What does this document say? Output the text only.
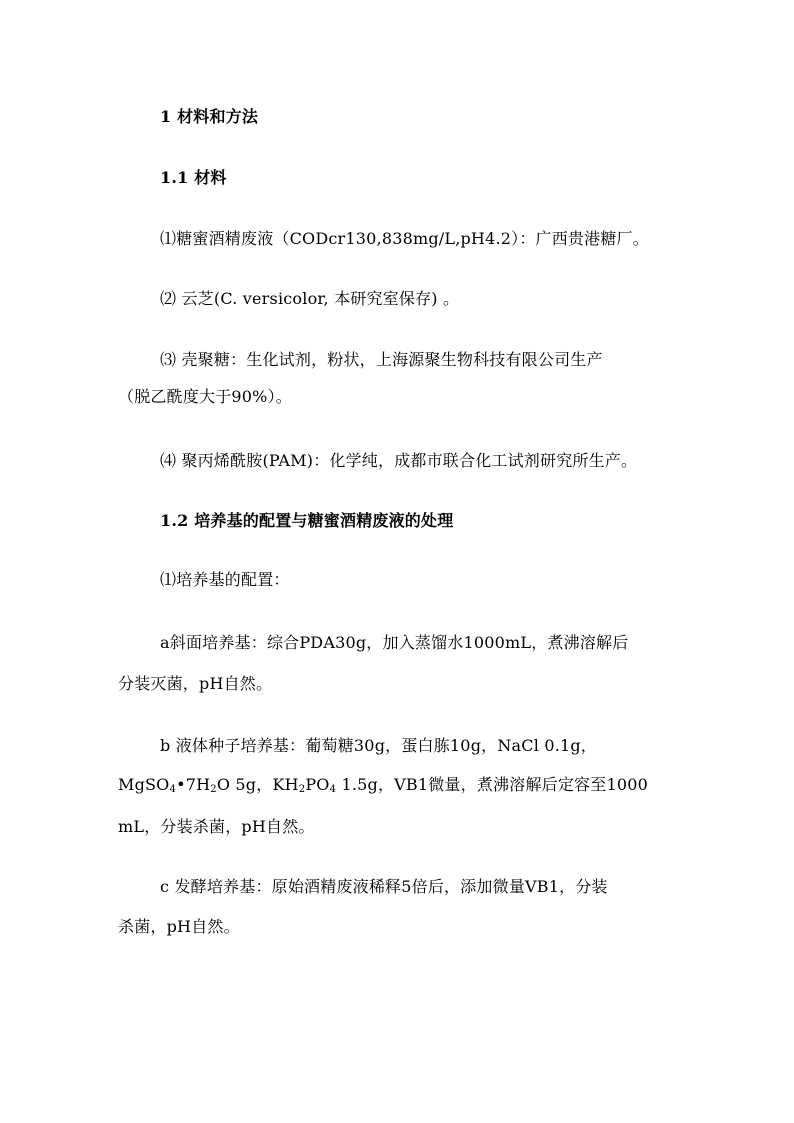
1 材料和方法
1.1 材料
⑴糖蜜酒精废液（CODcr130,838mg/L,pH4.2）：广西贵港糖厂。
⑵ 云芝(C. versicolor, 本研究室保存) 。
⑶ 壳聚糖：生化试剂，粉状，上海源聚生物科技有限公司生产
（脱乙酰度大于90%）。
⑷ 聚丙烯酰胺(PAM)：化学纯，成都市联合化工试剂研究所生产。
1.2 培养基的配置与糖蜜酒精废液的处理
⑴培养基的配置：
a斜面培养基：综合PDA30g，加入蒸馏水1000mL，煮沸溶解后
分装灭菌，pH自然。
b 液体种子培养基：葡萄糖30g，蛋白胨10g，NaCl 0.1g，
$MgSO_4•7H_2O$ 5g，$KH_2PO_4$ 1.5g，VB1微量，煮沸溶解后定容至1000
mL，分装杀菌，pH自然。
c 发酵培养基：原始酒精废液稀释5倍后，添加微量VB1，分装
杀菌，pH自然。
